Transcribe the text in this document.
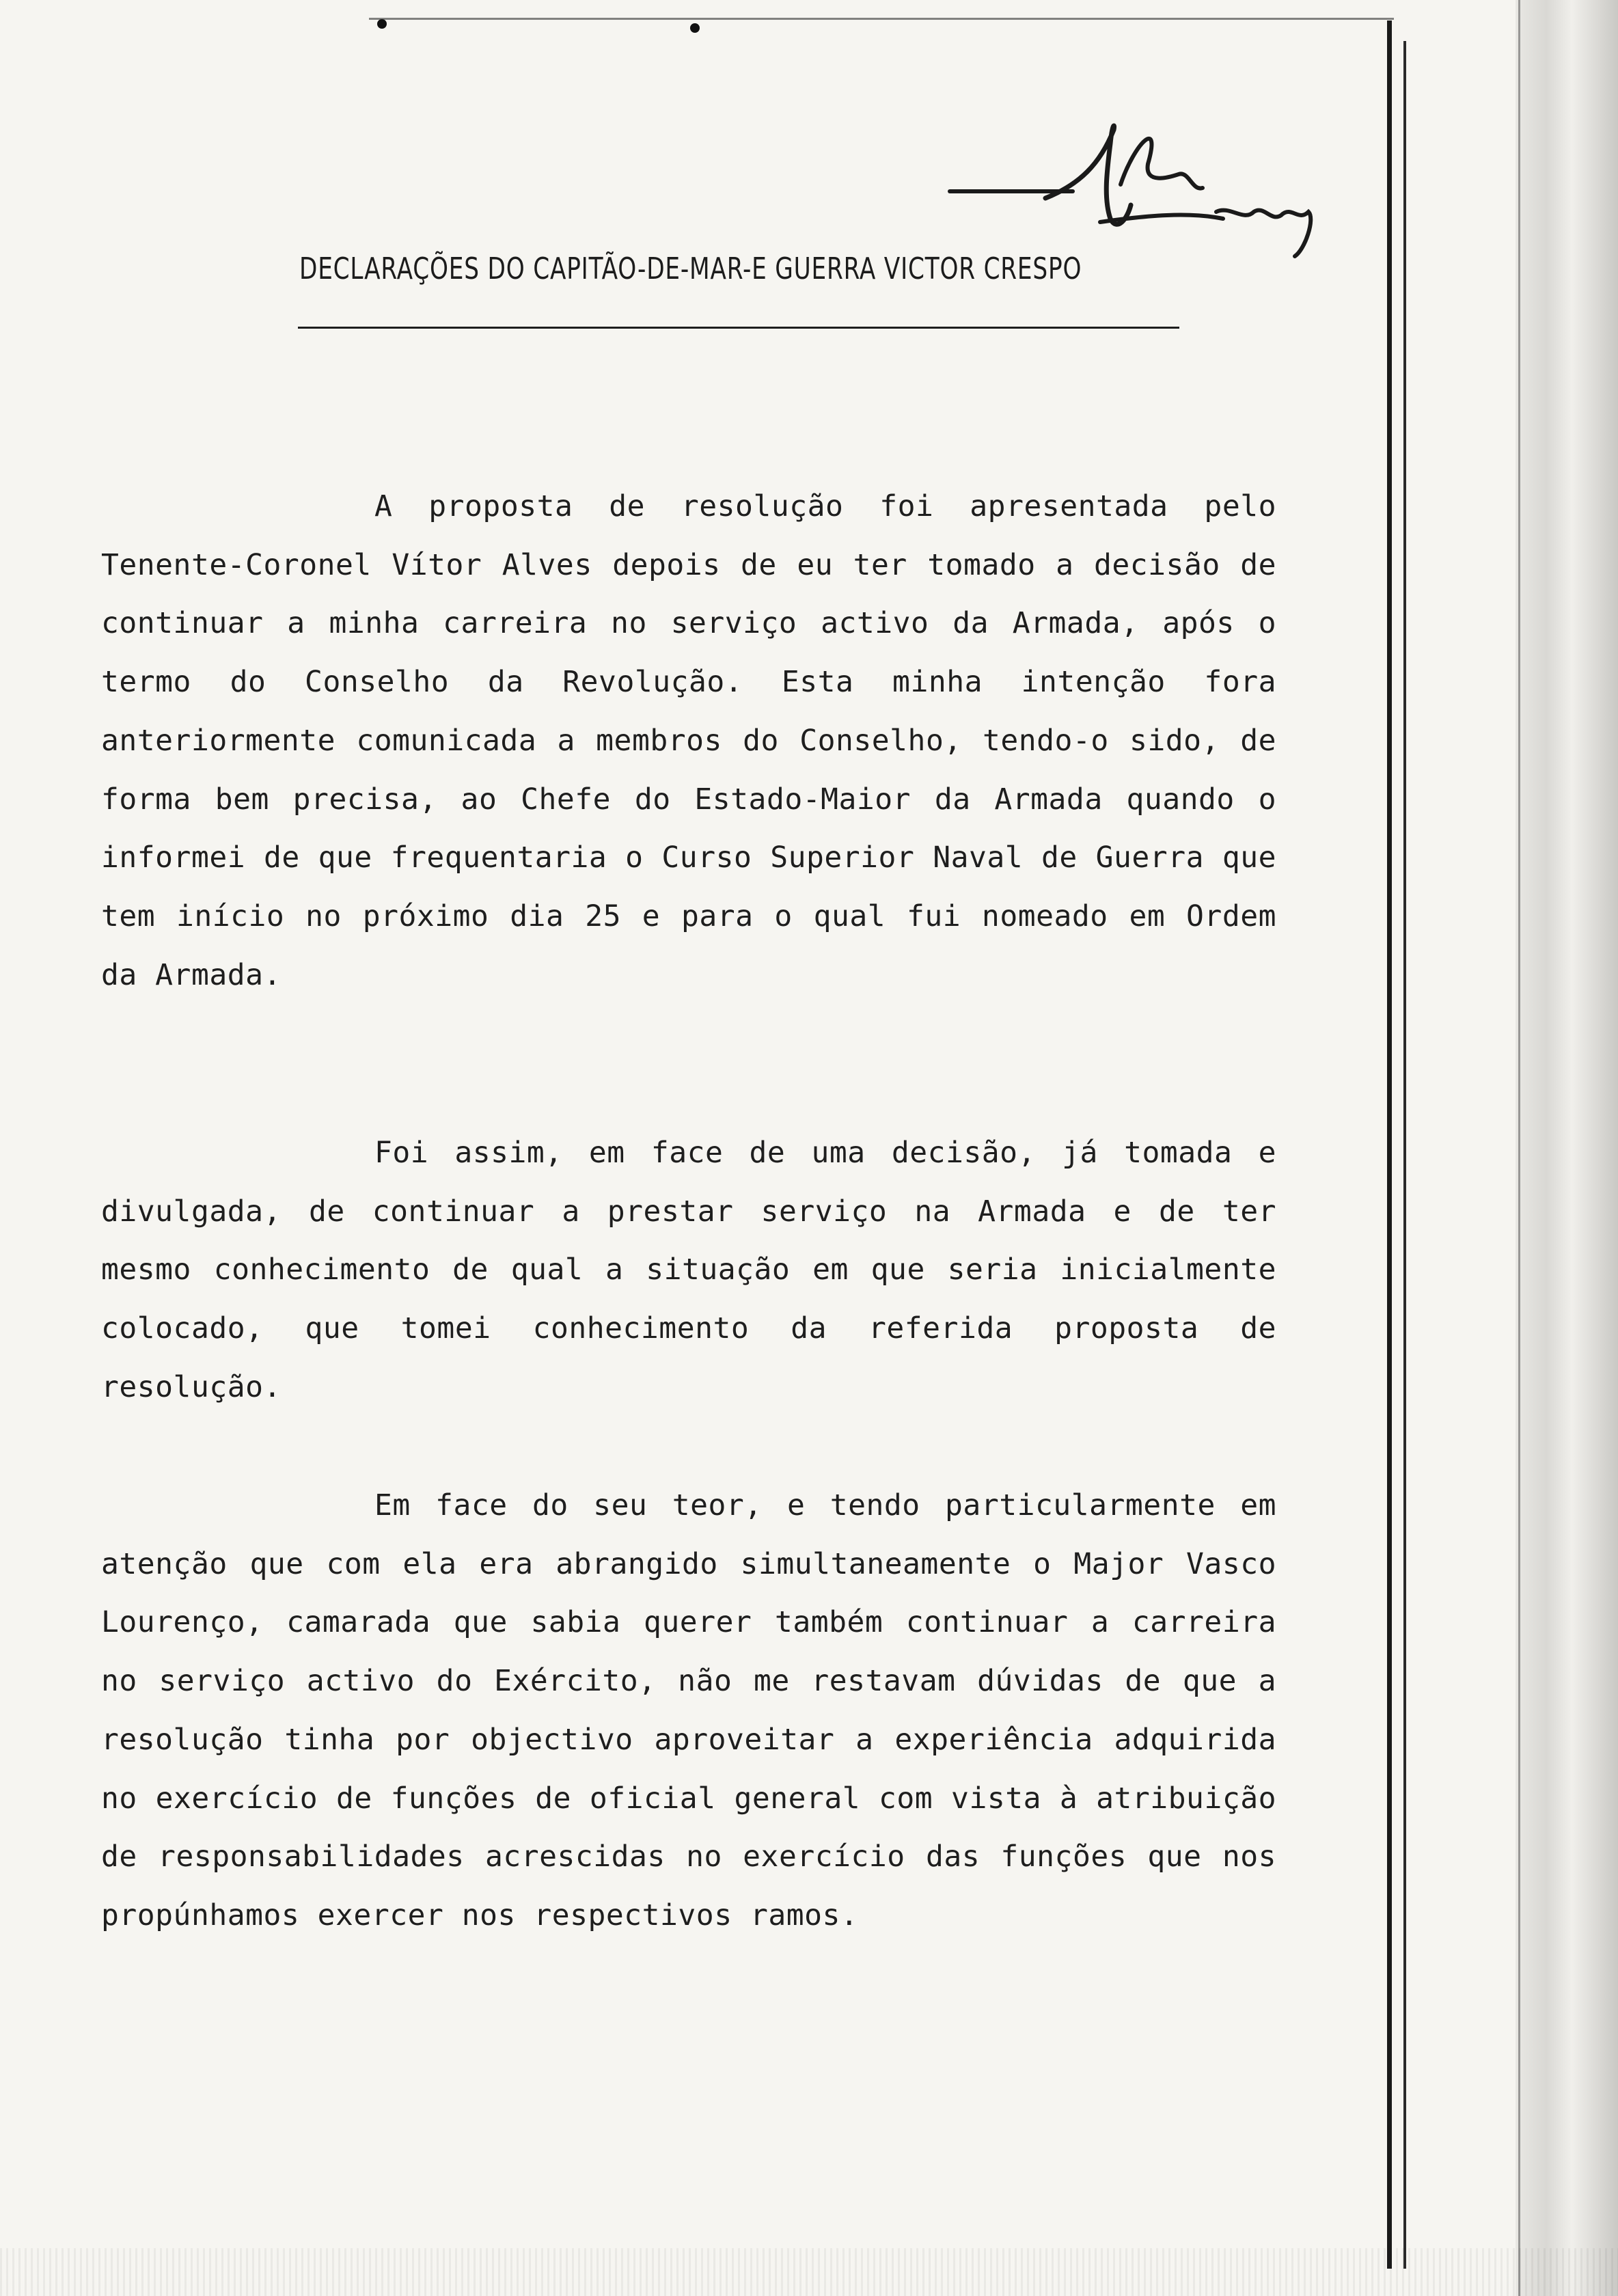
DECLARAÇÕES DO CAPITÃO-DE-MAR-E GUERRA VICTOR CRESPO

A proposta de resolução foi apresentada pelo Tenente-Coronel Vítor Alves depois de eu ter tomado a decisão de continuar a minha carreira no serviço activo da Armada, após o termo do Conselho da Revolução. Esta minha intenção fora anteriormente comunicada a membros do Conselho, tendo-o sido, de forma bem precisa, ao Chefe do Estado-Maior da Armada quando o informei de que frequentaria o Curso Superior Naval de Guerra que tem início no próximo dia 25 e para o qual fui nomeado em Ordem da Armada.

Foi assim, em face de uma decisão, já tomada e divulgada, de continuar a prestar serviço na Armada e de ter mesmo conhecimento de qual a situação em que seria inicialmente colocado, que tomei conhecimento da referida proposta de resolução.

Em face do seu teor, e tendo particularmente em atenção que com ela era abrangido simultaneamente o Major Vasco Lourenço, camarada que sabia querer também continuar a carreira no serviço activo do Exército, não me restavam dúvidas de que a resolução tinha por objectivo aproveitar a experiência adquirida no exercício de funções de oficial general com vista à atribuição de responsabilidades acrescidas no exercício das funções que nos propúnhamos exercer nos respectivos ramos.
